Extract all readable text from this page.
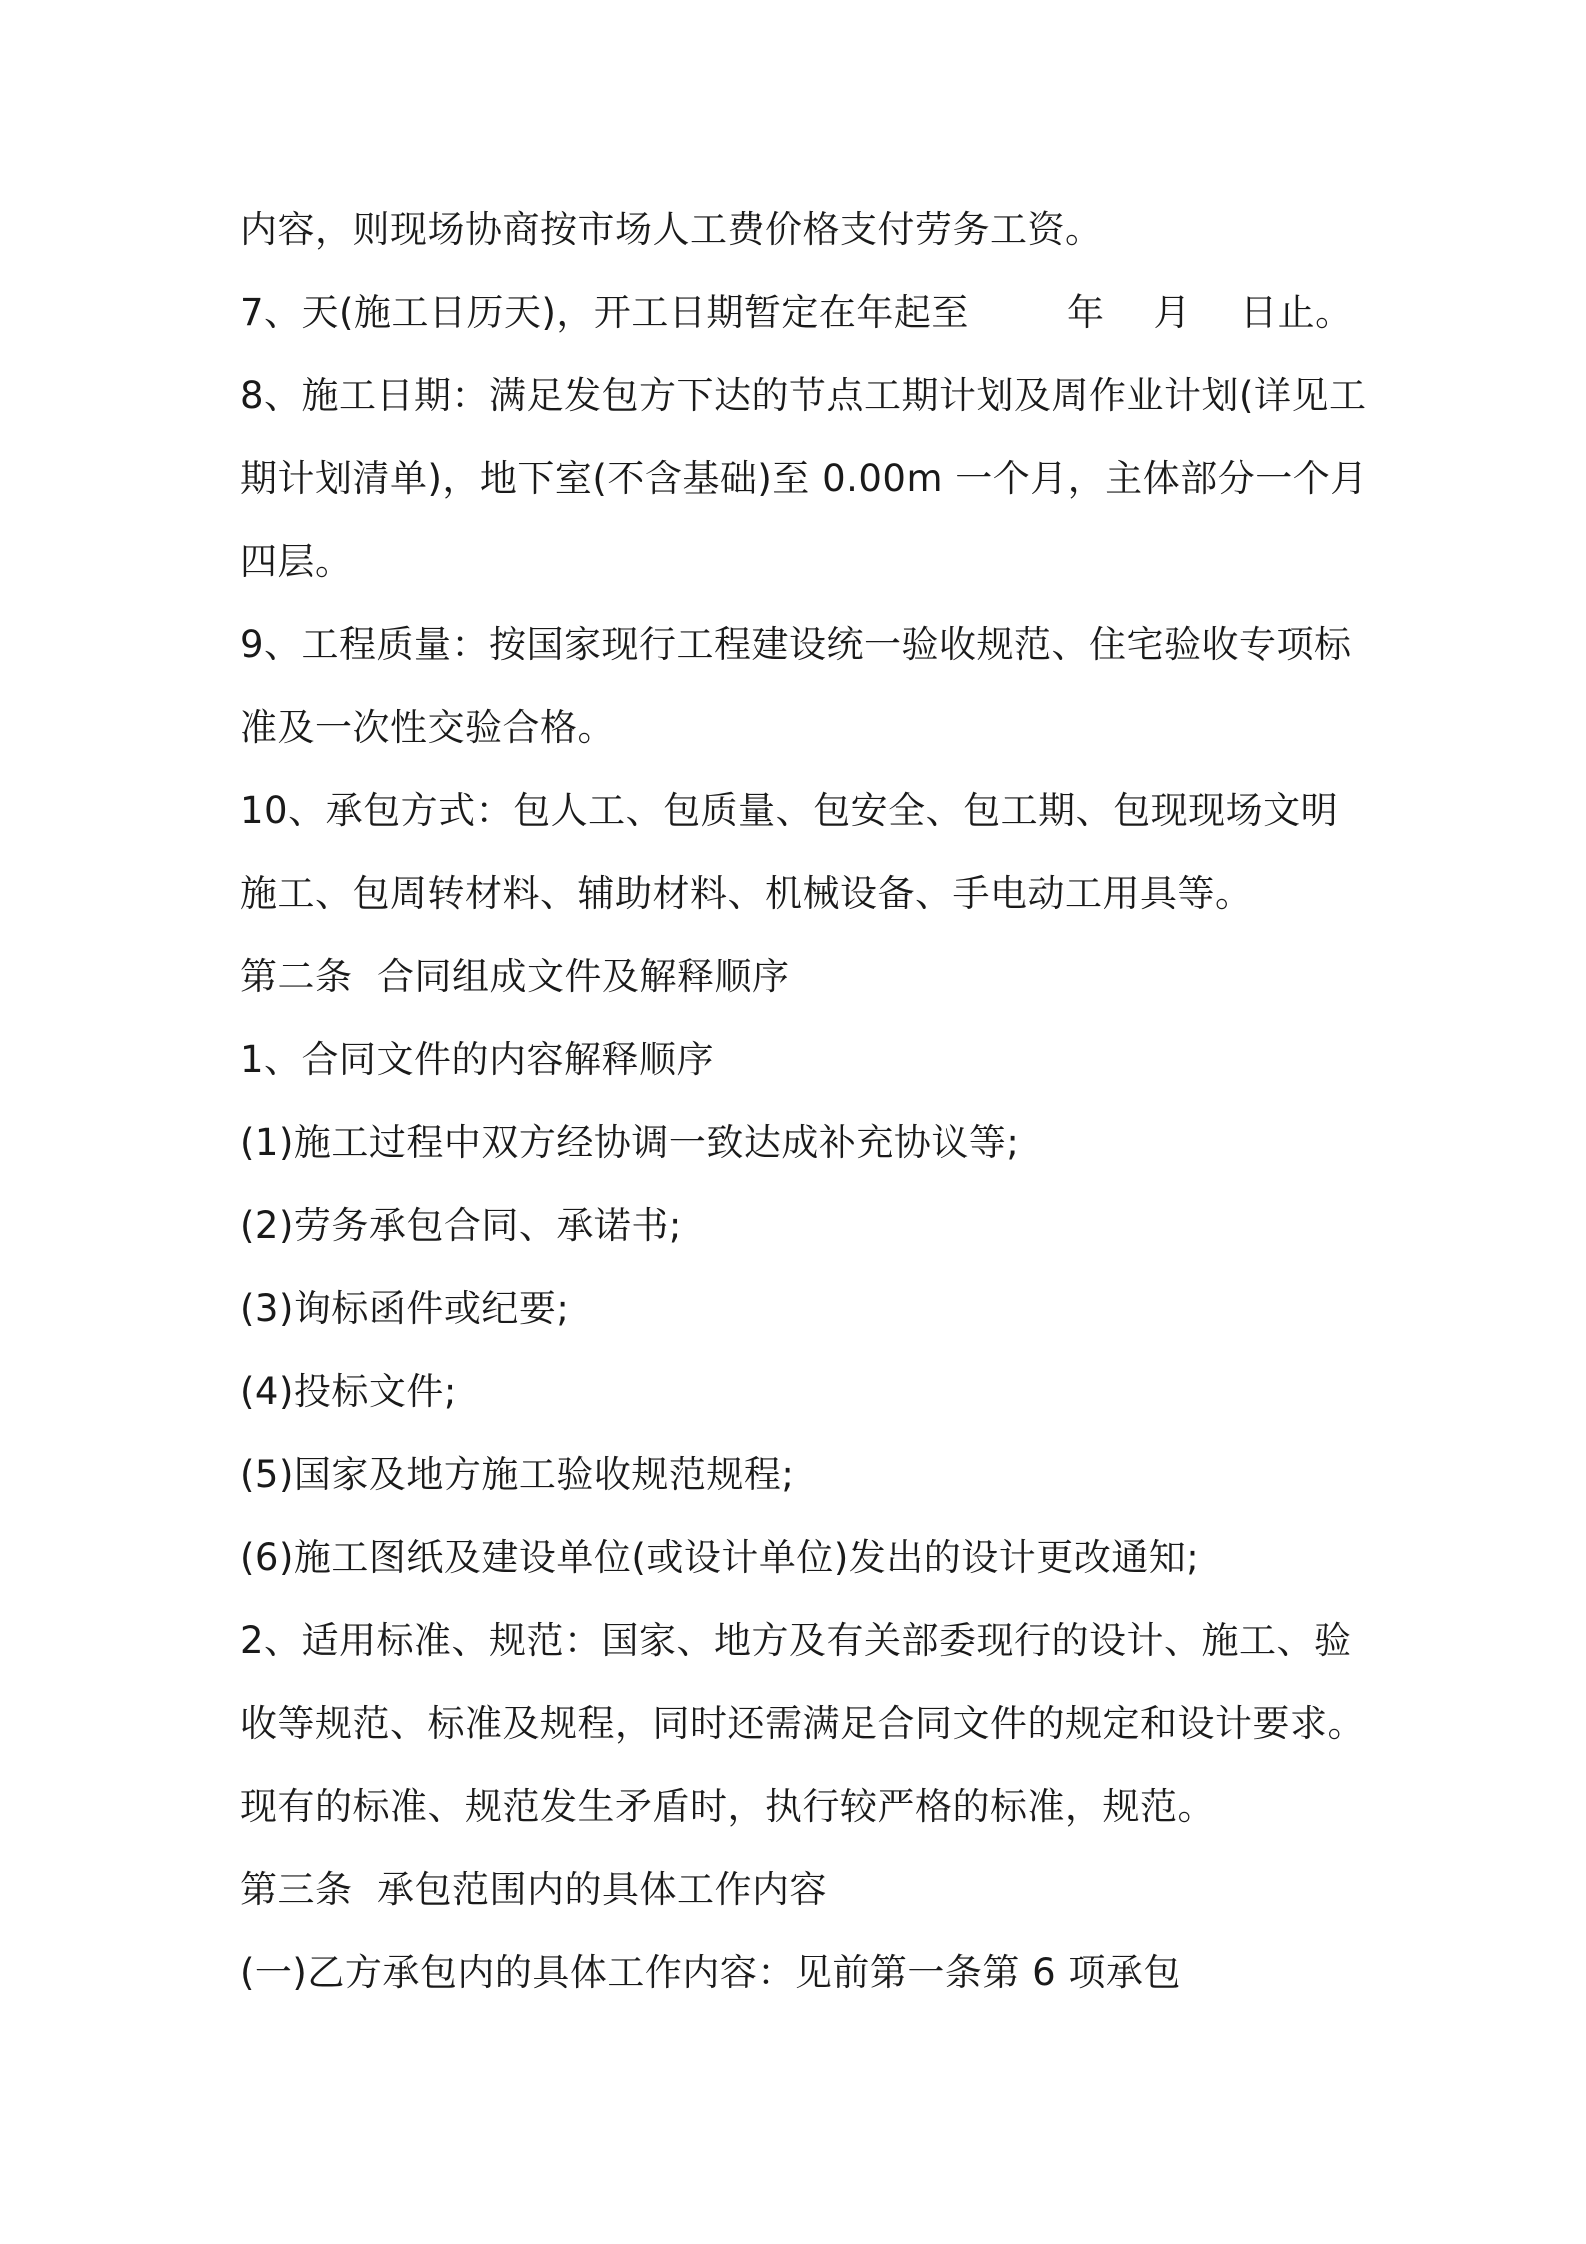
内容，则现场协商按市场人工费价格支付劳务工资。
7、天(施工日历天)，开工日期暂定在年起至        年    月    日止。
8、施工日期：满足发包方下达的节点工期计划及周作业计划(详见工
期计划清单)，地下室(不含基础)至 0.00m 一个月，主体部分一个月
四层。
9、工程质量：按国家现行工程建设统一验收规范、住宅验收专项标
准及一次性交验合格。
10、承包方式：包人工、包质量、包安全、包工期、包现现场文明
施工、包周转材料、辅助材料、机械设备、手电动工用具等。
第二条  合同组成文件及解释顺序
1、合同文件的内容解释顺序
(1)施工过程中双方经协调一致达成补充协议等;
(2)劳务承包合同、承诺书;
(3)询标函件或纪要;
(4)投标文件;
(5)国家及地方施工验收规范规程;
(6)施工图纸及建设单位(或设计单位)发出的设计更改通知;
2、适用标准、规范：国家、地方及有关部委现行的设计、施工、验
收等规范、标准及规程，同时还需满足合同文件的规定和设计要求。
现有的标准、规范发生矛盾时，执行较严格的标准，规范。
第三条  承包范围内的具体工作内容
(一)乙方承包内的具体工作内容：见前第一条第 6 项承包
